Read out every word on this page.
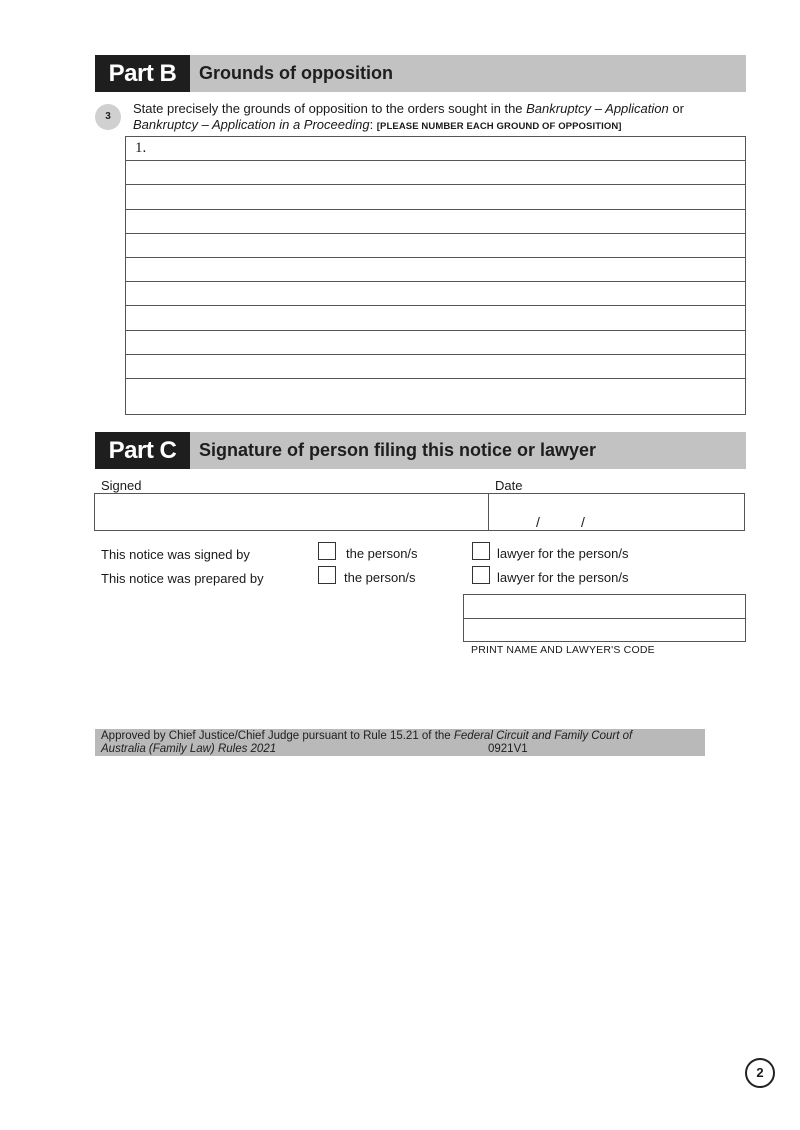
Part B	Grounds of opposition
3
State precisely the grounds of opposition to the orders sought in the Bankruptcy – Application or
Bankruptcy – Application in a Proceeding: [PLEASE NUMBER EACH GROUND OF OPPOSITION]
1.
Part C	Signature of person filing this notice or lawyer
Signed	Date
/	/
This notice was signed by	the person/s	lawyer for the person/s
This notice was prepared by	the person/s	lawyer for the person/s
PRINT NAME AND LAWYER'S CODE
Approved by Chief Justice/Chief Judge pursuant to Rule 15.21 of the Federal Circuit and Family Court of
Australia (Family Law) Rules 2021	0921V1
2
